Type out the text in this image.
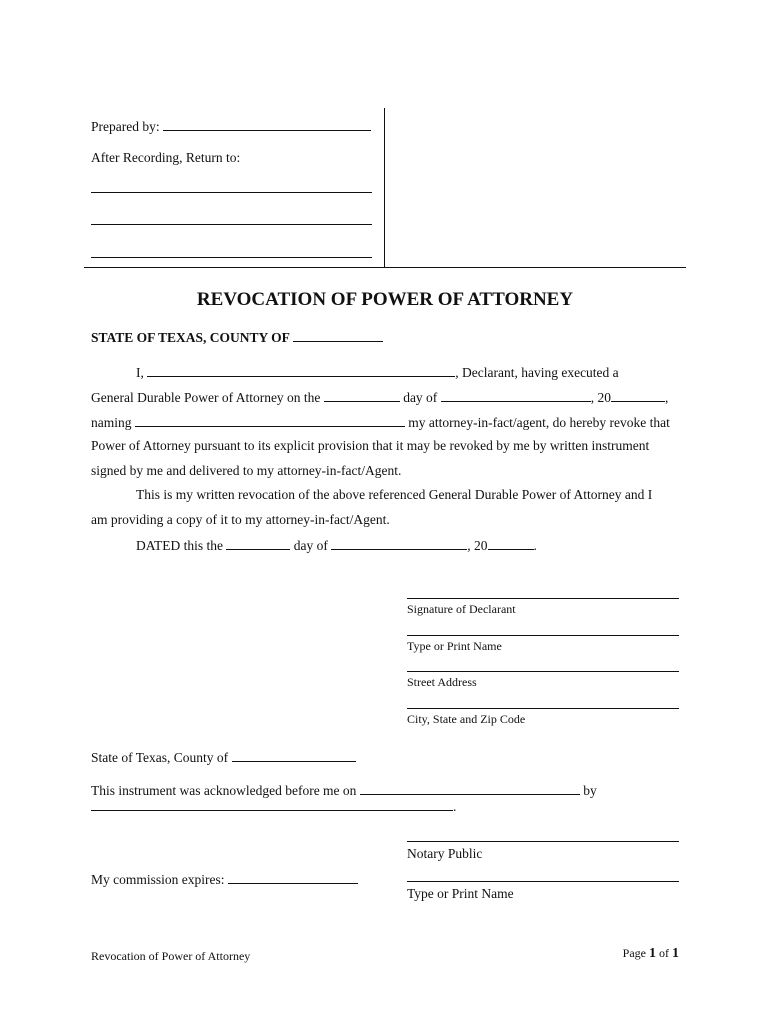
Prepared by:
After Recording, Return to:
REVOCATION OF POWER OF ATTORNEY
STATE OF TEXAS, COUNTY OF
I,	, Declarant, having executed a
General Durable Power of Attorney on the	day of	, 20	,
naming	my attorney-in-fact/agent, do hereby revoke that
Power of Attorney pursuant to its explicit provision that it may be revoked by me by written instrument
signed by me and delivered to my attorney-in-fact/Agent.
This is my written revocation of the above referenced General Durable Power of Attorney and I
am providing a copy of it to my attorney-in-fact/Agent.
DATED this the	day of	, 20	.
Signature of Declarant
Type or Print Name
Street Address
City, State and Zip Code
State of Texas, County of
This instrument was acknowledged before me on	by
.
Notary Public
My commission expires:
Type or Print Name
Revocation of Power of Attorney	Page 1 of 1
